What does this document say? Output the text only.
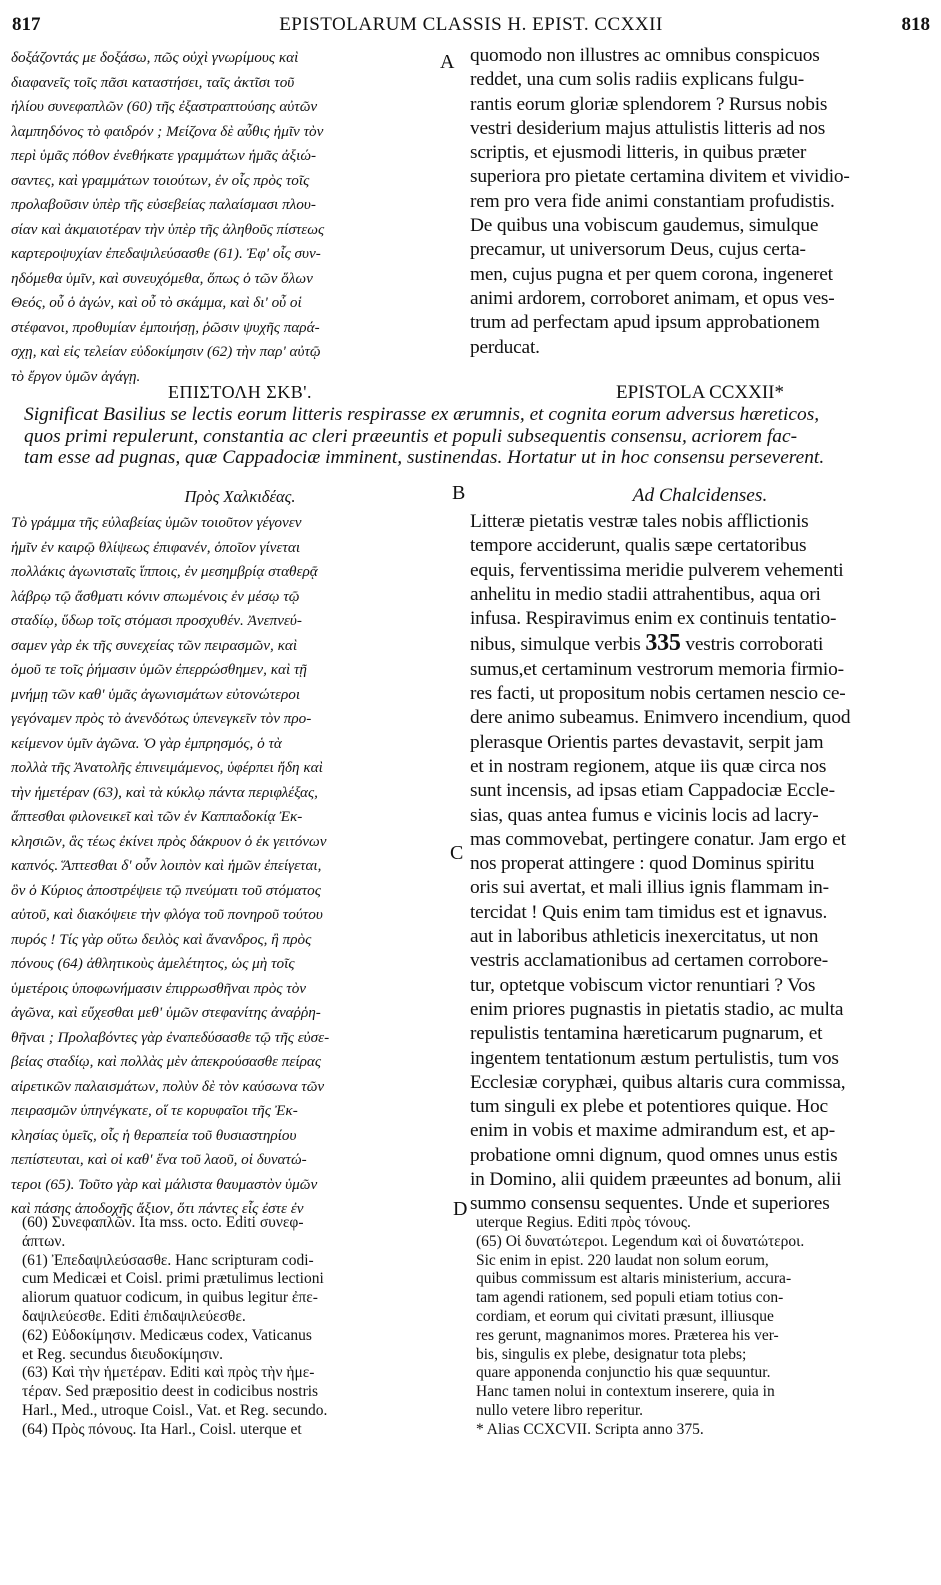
817	EPISTOLARUM CLASSIS H. EPIST. CCXXII	818
δοξάζοντάς με δοξάσω, πῶς οὐχὶ γνωρίμους καὶ
διαφανεῖς τοῖς πᾶσι καταστήσει, ταῖς ἀκτῖσι τοῦ
ἡλίου συνεφαπλῶν (60) τῆς ἐξαστραπτούσης αὐτῶν
λαμπηδόνος τὸ φαιδρόν ; Μείζονα δὲ αὖθις ἡμῖν τὸν
περὶ ὑμᾶς πόθον ἐνεθήκατε γραμμάτων ἡμᾶς ἀξιώ-
σαντες, καὶ γραμμάτων τοιούτων, ἐν οἷς πρὸς τοῖς
προλαβοῦσιν ὑπὲρ τῆς εὐσεβείας παλαίσμασι πλου-
σίαν καὶ ἀκμαιοτέραν τὴν ὑπὲρ τῆς ἀληθοῦς πίστεως
καρτεροψυχίαν ἐπεδαψιλεύσασθε (61). Ἐφ' οἷς συν-
ηδόμεθα ὑμῖν, καὶ συνευχόμεθα, ὅπως ὁ τῶν ὅλων
Θεός, οὗ ὁ ἀγών, καὶ οὗ τὸ σκάμμα, καὶ δι' οὗ οἱ
στέφανοι, προθυμίαν ἐμποιήσῃ, ῥῶσιν ψυχῆς παρά-
σχῃ, καὶ εἰς τελείαν εὐδοκίμησιν (62) τὴν παρ' αὐτῷ
τὸ ἔργον ὑμῶν ἀγάγῃ.
quomodo non illustres ac omnibus conspicuos
reddet, una cum solis radiis explicans fulgu-
rantis eorum gloriæ splendorem ? Rursus nobis
vestri desiderium majus attulistis litteris ad nos
scriptis, et ejusmodi litteris, in quibus præter
superiora pro pietate certamina divitem et vividio-
rem pro vera fide animi constantiam profudistis.
De quibus una vobiscum gaudemus, simulque
precamur, ut universorum Deus, cujus certa-
men, cujus pugna et per quem corona, ingeneret
animi ardorem, corroboret animam, et opus ves-
trum ad perfectam apud ipsum approbationem
perducat.
A
ΕΠΙΣΤΟΛΗ ΣΚΒ'.	EPISTOLA CCXXII*
Significat Basilius se lectis eorum litteris respirasse ex ærumnis, et cognita eorum adversus hæreticos,
quos primi repulerunt, constantia ac cleri præeuntis et populi subsequentis consensu, acriorem fac-
tam esse ad pugnas, quæ Cappadociæ imminent, sustinendas. Hortatur ut in hoc consensu perseverent.
Πρὸς Χαλκιδέας.	B	Ad Chalcidenses.
Τὸ γράμμα τῆς εὐλαβείας ὑμῶν τοιοῦτον γέγονεν
ἡμῖν ἐν καιρῷ θλίψεως ἐπιφανέν, ὁποῖον γίνεται
πολλάκις ἀγωνισταῖς ἵπποις, ἐν μεσημβρίᾳ σταθερᾷ
λάβρῳ τῷ ἄσθματι κόνιν σπωμένοις ἐν μέσῳ τῷ
σταδίῳ, ὕδωρ τοῖς στόμασι προσχυθέν. Ἀνεπνεύ-
σαμεν γὰρ ἐκ τῆς συνεχείας τῶν πειρασμῶν, καὶ
ὁμοῦ τε τοῖς ῥήμασιν ὑμῶν ἐπερρώσθημεν, καὶ τῇ
μνήμῃ τῶν καθ' ὑμᾶς ἀγωνισμάτων εὐτονώτεροι
γεγόναμεν πρὸς τὸ ἀνενδότως ὑπενεγκεῖν τὸν προ-
κείμενον ὑμῖν ἀγῶνα. Ὁ γὰρ ἐμπρησμός, ὁ τὰ
πολλὰ τῆς Ἀνατολῆς ἐπινειμάμενος, ὑφέρπει ἤδη καὶ
τὴν ἡμετέραν (63), καὶ τὰ κύκλῳ πάντα περιφλέξας,
ἅπτεσθαι φιλονεικεῖ καὶ τῶν ἐν Καππαδοκίᾳ Ἐκ-
κλησιῶν, ἃς τέως ἐκίνει πρὸς δάκρυον ὁ ἐκ γειτόνων
καπνός. Ἅπτεσθαι δ' οὖν λοιπὸν καὶ ἡμῶν ἐπείγεται,
ὃν ὁ Κύριος ἀποστρέψειε τῷ πνεύματι τοῦ στόματος
αὐτοῦ, καὶ διακόψειε τὴν φλόγα τοῦ πονηροῦ τούτου
πυρός ! Τίς γὰρ οὕτω δειλὸς καὶ ἄνανδρος, ἢ πρὸς
πόνους (64) ἀθλητικοὺς ἀμελέτητος, ὡς μὴ τοῖς
ὑμετέροις ὑποφωνήμασιν ἐπιρρωσθῆναι πρὸς τὸν
ἀγῶνα, καὶ εὔχεσθαι μεθ' ὑμῶν στεφανίτης ἀναῤῥη-
θῆναι ; Προλαβόντες γὰρ ἐναπεδύσασθε τῷ τῆς εὐσε-
βείας σταδίῳ, καὶ πολλὰς μὲν ἀπεκρούσασθε πείρας
αἱρετικῶν παλαισμάτων, πολὺν δὲ τὸν καύσωνα τῶν
πειρασμῶν ὑπηνέγκατε, οἵ τε κορυφαῖοι τῆς Ἐκ-
κλησίας ὑμεῖς, οἷς ἡ θεραπεία τοῦ θυσιαστηρίου
πεπίστευται, καὶ οἱ καθ' ἕνα τοῦ λαοῦ, οἱ δυνατώ-
τεροι (65). Τοῦτο γὰρ καὶ μάλιστα θαυμαστὸν ὑμῶν
καὶ πάσης ἀποδοχῆς ἄξιον, ὅτι πάντες εἷς ἐστε ἐν
Litteræ pietatis vestræ tales nobis afflictionis
tempore acciderunt, qualis sæpe certatoribus
equis, ferventissima meridie pulverem vehementi
anhelitu in medio stadii attrahentibus, aqua ori
infusa. Respiravimus enim ex continuis tentatio-
nibus, simulque verbis 335 vestris corroborati
sumus,et certaminum vestrorum memoria firmio-
res facti, ut propositum nobis certamen nescio ce-
dere animo subeamus. Enimvero incendium, quod
plerasque Orientis partes devastavit, serpit jam
et in nostram regionem, atque iis quæ circa nos
sunt incensis, ad ipsas etiam Cappadociæ Eccle-
sias, quas antea fumus e vicinis locis ad lacry-
mas commovebat, pertingere conatur. Jam ergo et
nos properat attingere : quod Dominus spiritu
oris sui avertat, et mali illius ignis flammam in-
tercidat ! Quis enim tam timidus est et ignavus.
aut in laboribus athleticis inexercitatus, ut non
vestris acclamationibus ad certamen corrobore-
tur, optetque vobiscum victor renuntiari ? Vos
enim priores pugnastis in pietatis stadio, ac multa
repulistis tentamina hæreticarum pugnarum, et
ingentem tentationum æstum pertulistis, tum vos
Ecclesiæ coryphæi, quibus altaris cura commissa,
tum singuli ex plebe et potentiores quique. Hoc
enim in vobis et maxime admirandum est, et ap-
probatione omni dignum, quod omnes unus estis
in Domino, alii quidem præeuntes ad bonum, alii
summo consensu sequentes. Unde et superiores
C
D
(60) Συνεφαπλῶν. Ita mss. octo. Editi συνεφ-
άπτων.
(61) Ἐπεδαψιλεύσασθε. Hanc scripturam codi-
cum Medicæi et Coisl. primi prætulimus lectioni
aliorum quatuor codicum, in quibus legitur ἐπε-
δαψιλεύεσθε. Editi ἐπιδαψιλεύεσθε.
(62) Εὐδοκίμησιν. Medicæus codex, Vaticanus
et Reg. secundus διευδοκίμησιν.
(63) Καὶ τὴν ἡμετέραν. Editi καὶ πρὸς τὴν ἡμε-
τέραν. Sed præpositio deest in codicibus nostris
Harl., Med., utroque Coisl., Vat. et Reg. secundo.
(64) Πρὸς πόνους. Ita Harl., Coisl. uterque et
uterque Regius. Editi πρὸς τόνους.
(65) Οἱ δυνατώτεροι. Legendum καὶ οἱ δυνατώτεροι.
Sic enim in epist. 220 laudat non solum eorum,
quibus commissum est altaris ministerium, accura-
tam agendi rationem, sed populi etiam totius con-
cordiam, et eorum qui civitati præsunt, illiusque
res gerunt, magnanimos mores. Præterea his ver-
bis, singulis ex plebe, designatur tota plebs;
quare apponenda conjunctio his quæ sequuntur.
Hanc tamen nolui in contextum inserere, quia in
nullo vetere libro reperitur.
* Alias CCXCVII. Scripta anno 375.
